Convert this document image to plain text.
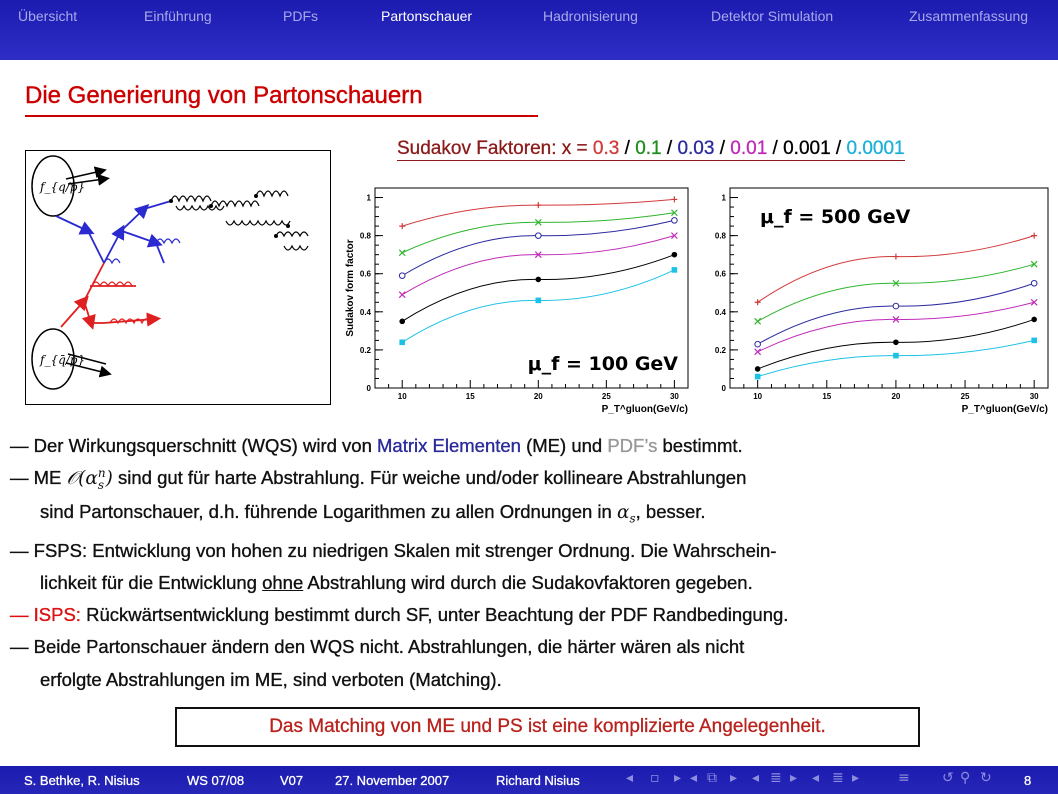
Übersicht	Einführung	PDFs	Partonschauer	Hadronisierung	Detektor Simulation	Zusammenfassung
Die Generierung von Partonschauern
f_{q/p}
f_{q̄/p}
Sudakov Faktoren: x = 0.3 / 0.1 / 0.03 / 0.01 / 0.001 / 0.0001
0
0.2
0.4
0.6
0.8
1
10	15	20	25	30
P_T^gluon(GeV/c)
Sudakov form factor
μ_f = 100 GeV
0
0.2
0.4
0.6
0.8
1
10	15	20	25	30
P_T^gluon(GeV/c)
μ_f = 500 GeV
— Der Wirkungsquerschnitt (WQS) wird von Matrix Elementen (ME) und PDF’s bestimmt.
— ME 𝒪(α n
s ) sind gut für harte Abstrahlung. Für weiche und/oder kollineare Abstrahlungen
sind Partonschauer, d.h. führende Logarithmen zu allen Ordnungen in $\alpha_s$, besser.
— FSPS: Entwicklung von hohen zu niedrigen Skalen mit strenger Ordnung. Die Wahrschein-
lichkeit für die Entwicklung ohne Abstrahlung wird durch die Sudakovfaktoren gegeben.
— ISPS: Rückwärtsentwicklung bestimmt durch SF, unter Beachtung der PDF Randbedingung.
— Beide Partonschauer ändern den WQS nicht. Abstrahlungen, die härter wären als nicht
erfolgte Abstrahlungen im ME, sind verboten (Matching).
Das Matching von ME und PS ist eine komplizierte Angelegenheit.
S. Bethke, R. Nisius	WS 07/08	V07 27. November 2007	Richard Nisius	◂ ▫ ▸ ◂ ⧉ ▸ ◂ ≣ ▸ ◂ ≣ ▸	≡ ↺ ⚲ ↻ 8
